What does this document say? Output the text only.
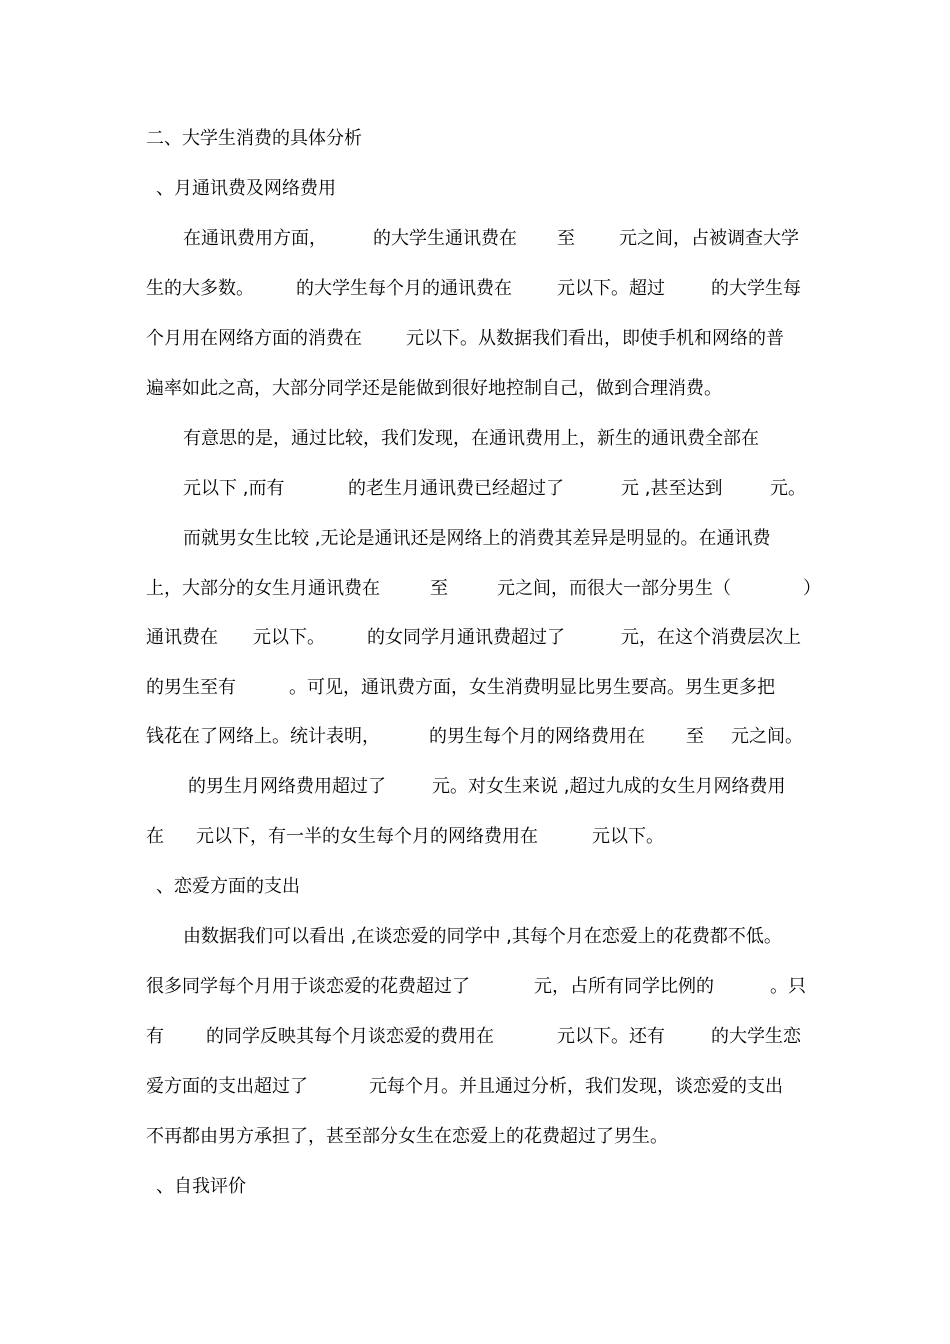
二、大学生消费的具体分析
、月通讯费及网络费用
在通讯费用方面，	的大学生通讯费在 至 元之间，占被调查大学
生的大多数。 的大学生每个月的通讯费在	元以下。超过	的大学生每
个月用在网络方面的消费在 元以下。从数据我们看出，即使手机和网络的普
遍率如此之高，大部分同学还是能做到很好地控制自己，做到合理消费。
有意思的是，通过比较，我们发现，在通讯费用上，新生的通讯费全部在
元以下 ,而有	的老生月通讯费已经超过了	元 ,甚至达到	元。
而就男女生比较 ,无论是通讯还是网络上的消费其差异是明显的。在通讯费
上，大部分的女生月通讯费在	至	元之间，而很大一部分男生（	）
通讯费在 元以下。 的女同学月通讯费超过了	元，在这个消费层次上
的男生至有	。可见，通讯费方面，女生消费明显比男生要高。男生更多把
钱花在了网络上。统计表明，	的男生每个月的网络费用在 至 元之间。
的男生月网络费用超过了	元。对女生来说 ,超过九成的女生月网络费用
在 元以下，有一半的女生每个月的网络费用在	元以下。
、恋爱方面的支出
由数据我们可以看出 ,在谈恋爱的同学中 ,其每个月在恋爱上的花费都不低。
很多同学每个月用于谈恋爱的花费超过了	元，占所有同学比例的	。只
有 的同学反映其每个月谈恋爱的费用在	元以下。还有	的大学生恋
爱方面的支出超过了	元每个月。并且通过分析，我们发现，谈恋爱的支出
不再都由男方承担了，甚至部分女生在恋爱上的花费超过了男生。
、自我评价
